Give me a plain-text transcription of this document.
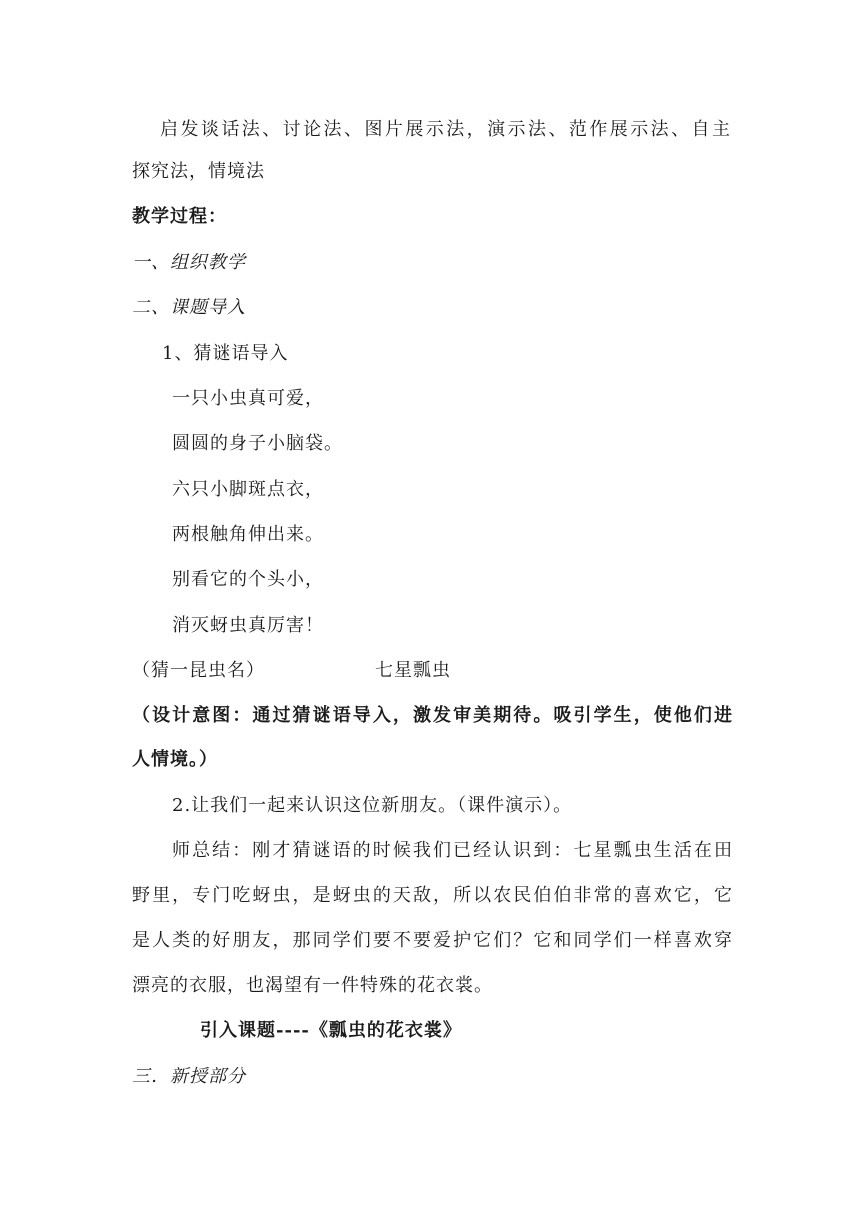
启发谈话法、讨论法、图片展示法，演示法、范作展示法、自主
探究法，情境法
教学过程：
一、组织教学
二、课题导入
1、猜谜语导入
一只小虫真可爱，
圆圆的身子小脑袋。
六只小脚斑点衣，
两根触角伸出来。
别看它的个头小，
消灭蚜虫真厉害！
（猜一昆虫名）	七星瓢虫
（设计意图：通过猜谜语导入，激发审美期待。吸引学生，使他们进
人情境。）
2.让我们一起来认识这位新朋友。（课件演示）。
师总结：刚才猜谜语的时候我们已经认识到：七星瓢虫生活在田
野里，专门吃蚜虫，是蚜虫的天敌，所以农民伯伯非常的喜欢它，它
是人类的好朋友，那同学们要不要爱护它们？它和同学们一样喜欢穿
漂亮的衣服，也渴望有一件特殊的花衣裳。
引入课题----《瓢虫的花衣裳》
三．新授部分
